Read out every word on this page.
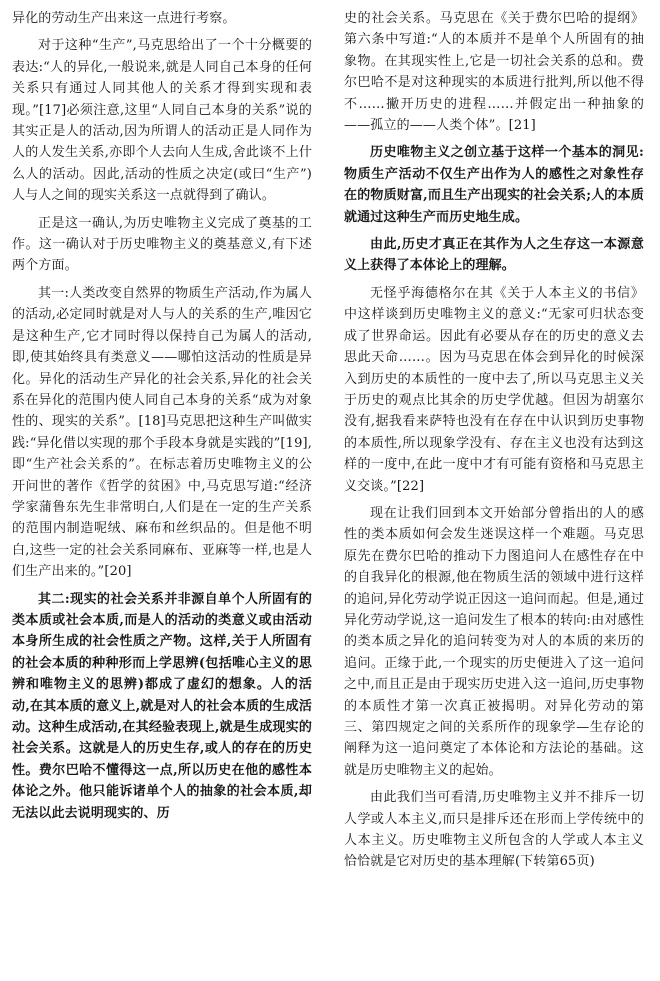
异化的劳动生产出来这一点进行考察。

对于这种“生产”,马克思给出了一个十分概要的表达:“人的异化,一般说来,就是人同自己本身的任何关系只有通过人同其他人的关系才得到实现和表现。”[17]必须注意,这里“人同自己本身的关系”说的其实正是人的活动,因为所谓人的活动正是人同作为人的人发生关系,亦即个人去向人生成,舍此谈不上什么人的活动。因此,活动的性质之决定(或曰“生产”)人与人之间的现实关系这一点就得到了确认。

正是这一确认,为历史唯物主义完成了奠基的工作。这一确认对于历史唯物主义的奠基意义,有下述两个方面。

其一:人类改变自然界的物质生产活动,作为属人的活动,必定同时就是对人与人的关系的生产,唯因它是这种生产,它才同时得以保持自己为属人的活动,即,使其始终具有类意义——哪怕这活动的性质是异化。异化的活动生产异化的社会关系,异化的社会关系在异化的范围内使人同自己本身的关系“成为对象性的、现实的关系”。[18]马克思把这种生产叫做实践:“异化借以实现的那个手段本身就是实践的”[19],即“生产社会关系的”。在标志着历史唯物主义的公开问世的著作《哲学的贫困》中,马克思写道:“经济学家蒲鲁东先生非常明白,人们是在一定的生产关系的范围内制造呢绒、麻布和丝织品的。但是他不明白,这些一定的社会关系同麻布、亚麻等一样,也是人们生产出来的。”[20]

其二:现实的社会关系并非源自单个人所固有的类本质或社会本质,而是人的活动的类意义或由活动本身所生成的社会性质之产物。这样,关于人所固有的社会本质的种种形而上学思辨(包括唯心主义的思辨和唯物主义的思辨)都成了虚幻的想象。人的活动,在其本质的意义上,就是对人的社会本质的生成活动。这种生成活动,在其经验表现上,就是生成现实的社会关系。这就是人的历史生存,或人的存在的历史性。费尔巴哈不懂得这一点,所以历史在他的感性本体论之外。他只能诉诸单个人的抽象的社会本质,却无法以此去说明现实的、历

史的社会关系。马克思在《关于费尔巴哈的提纲》第六条中写道:“人的本质并不是单个人所固有的抽象物。在其现实性上,它是一切社会关系的总和。费尔巴哈不是对这种现实的本质进行批判,所以他不得不……撇开历史的进程……并假定出一种抽象的——孤立的——人类个体”。[21]

历史唯物主义之创立基于这样一个基本的洞见:物质生产活动不仅生产出作为人的感性之对象性存在的物质财富,而且生产出现实的社会关系;人的本质就通过这种生产而历史地生成。

由此,历史才真正在其作为人之生存这一本源意义上获得了本体论上的理解。

无怪乎海德格尔在其《关于人本主义的书信》中这样谈到历史唯物主义的意义:“无家可归状态变成了世界命运。因此有必要从存在的历史的意义去思此天命……。因为马克思在体会到异化的时候深入到历史的本质性的一度中去了,所以马克思主义关于历史的观点比其余的历史学优越。但因为胡塞尔没有,据我看来萨特也没有在存在中认识到历史事物的本质性,所以现象学没有、存在主义也没有达到这样的一度中,在此一度中才有可能有资格和马克思主义交谈。”[22]

现在让我们回到本文开始部分曾指出的人的感性的类本质如何会发生迷误这样一个难题。马克思原先在费尔巴哈的推动下力图追问人在感性存在中的自我异化的根源,他在物质生活的领域中进行这样的追问,异化劳动学说正因这一追问而起。但是,通过异化劳动学说,这一追问发生了根本的转向:由对感性的类本质之异化的追问转变为对人的本质的来历的追问。正缘于此,一个现实的历史便进入了这一追问之中,而且正是由于现实历史进入这一追问,历史事物的本质性才第一次真正被揭明。对异化劳动的第三、第四规定之间的关系所作的现象学—生存论的阐释为这一追问奠定了本体论和方法论的基础。这就是历史唯物主义的起始。

由此我们当可看清,历史唯物主义并不排斥一切人学或人本主义,而只是排斥还在形而上学传统中的人本主义。历史唯物主义所包含的人学或人本主义恰恰就是它对历史的基本理解(下转第65页)
